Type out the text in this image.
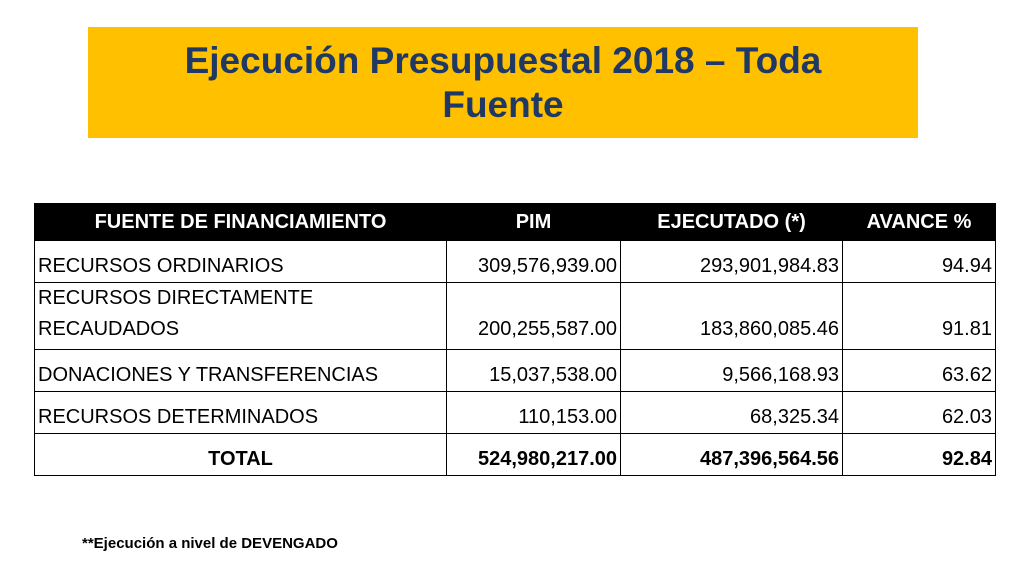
Ejecución Presupuestal 2018 – Toda Fuente
FUENTE DE FINANCIAMIENTO	PIM	EJECUTADO (*)	AVANCE %
RECURSOS ORDINARIOS	309,576,939.00	293,901,984.83	94.94
RECURSOS DIRECTAMENTE RECAUDADOS	200,255,587.00	183,860,085.46	91.81
DONACIONES Y TRANSFERENCIAS	15,037,538.00	9,566,168.93	63.62
RECURSOS DETERMINADOS	110,153.00	68,325.34	62.03
TOTAL	524,980,217.00	487,396,564.56	92.84
**Ejecución a nivel de DEVENGADO
